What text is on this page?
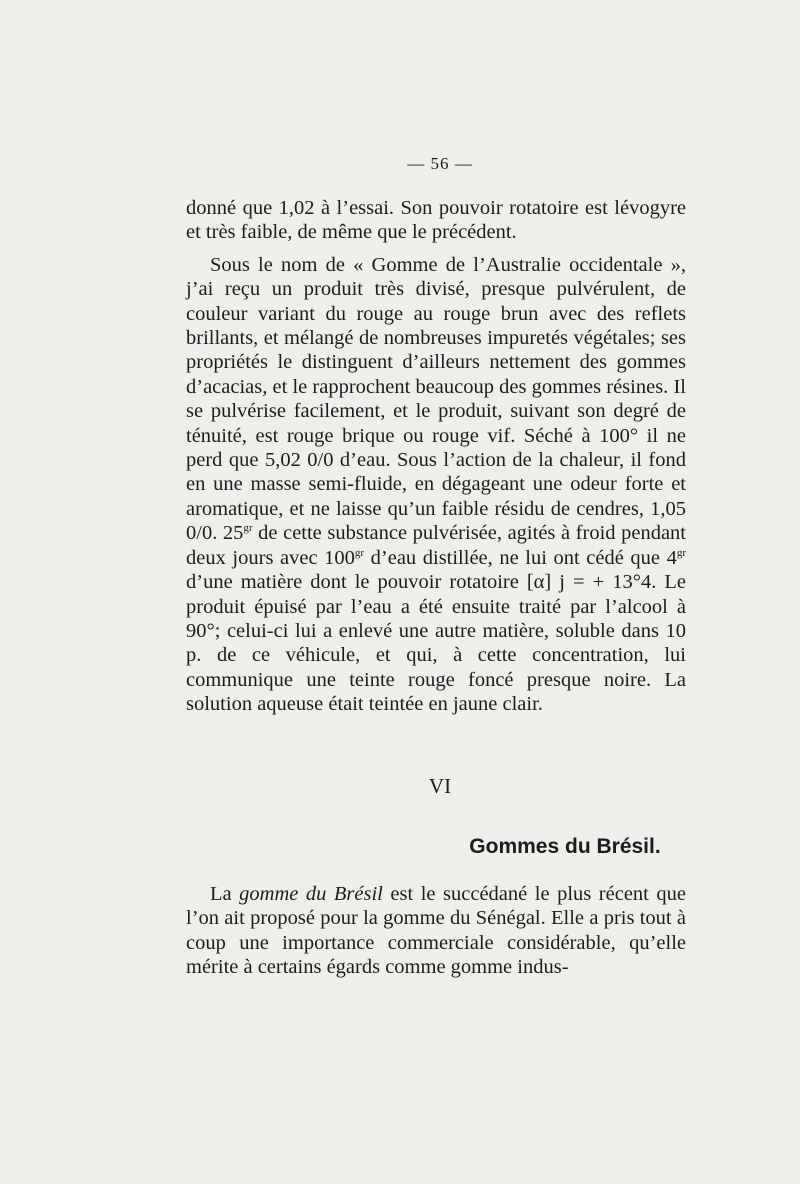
— 56 —

donné que 1,02 à l’essai. Son pouvoir rotatoire est lévogyre et très faible, de même que le précédent.

Sous le nom de « Gomme de l’Australie occidentale », j’ai reçu un produit très divisé, presque pulvérulent, de couleur variant du rouge au rouge brun avec des reflets brillants, et mélangé de nombreuses impuretés végétales; ses propriétés le distinguent d’ailleurs nettement des gommes d’acacias, et le rapprochent beaucoup des gommes résines. Il se pulvérise facilement, et le produit, suivant son degré de ténuité, est rouge brique ou rouge vif. Séché à 100° il ne perd que 5,02 0/0 d’eau. Sous l’action de la chaleur, il fond en une masse semi-fluide, en dégageant une odeur forte et aromatique, et ne laisse qu’un faible résidu de cendres, 1,05 0/0. $25^{gr}$ de cette substance pulvérisée, agités à froid pendant deux jours avec $100^{gr}$ d’eau distillée, ne lui ont cédé que $4^{gr}$ d’une matière dont le pouvoir rotatoire [α] j = + 13°4. Le produit épuisé par l’eau a été ensuite traité par l’alcool à 90°; celui-ci lui a enlevé une autre matière, soluble dans 10 p. de ce véhicule, et qui, à cette concentration, lui communique une teinte rouge foncé presque noire. La solution aqueuse était teintée en jaune clair.

VI
Gommes du Brésil.

La gomme du Brésil est le succédané le plus récent que l’on ait proposé pour la gomme du Sénégal. Elle a pris tout à coup une importance commerciale considérable, qu’elle mérite à certains égards comme gomme indus-
